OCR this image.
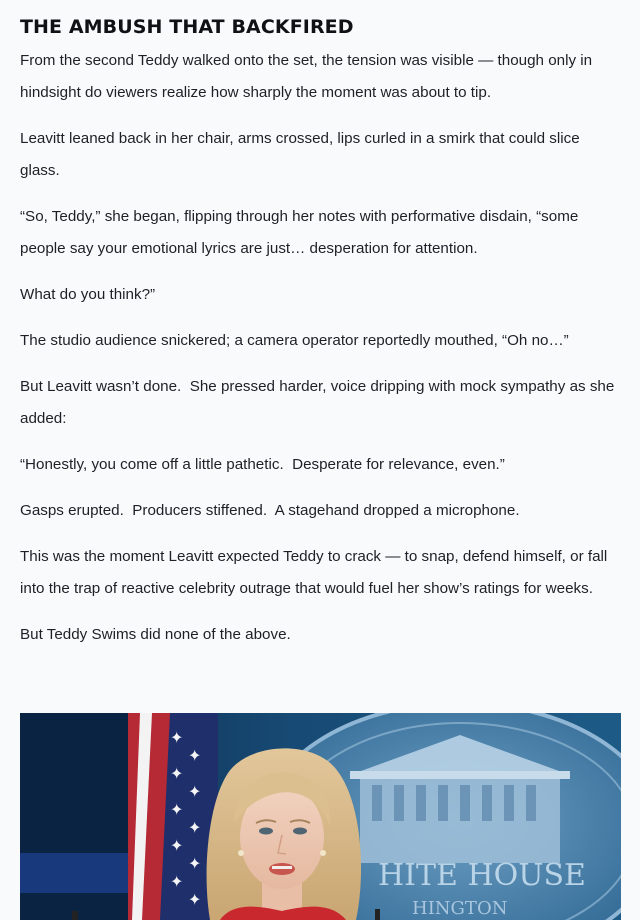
THE AMBUSH THAT BACKFIRED

From the second Teddy walked onto the set, the tension was visible — though only in hindsight do viewers realize how sharply the moment was about to tip.

Leavitt leaned back in her chair, arms crossed, lips curled in a smirk that could slice glass.

“So, Teddy,” she began, flipping through her notes with performative disdain, “some people say your emotional lyrics are just… desperation for attention.

What do you think?”

The studio audience snickered; a camera operator reportedly mouthed, “Oh no…”

But Leavitt wasn’t done.  She pressed harder, voice dripping with mock sympathy as she added:

“Honestly, you come off a little pathetic.  Desperate for relevance, even.”

Gasps erupted.  Producers stiffened.  A stagehand dropped a microphone.

This was the moment Leavitt expected Teddy to crack — to snap, defend himself, or fall into the trap of reactive celebrity outrage that would fuel her show’s ratings for weeks.

But Teddy Swims did none of the above.

✦
✦
✦
✦
✦
✦
✦
✦
✦
✦
HITE HOUSE
HINGTON
